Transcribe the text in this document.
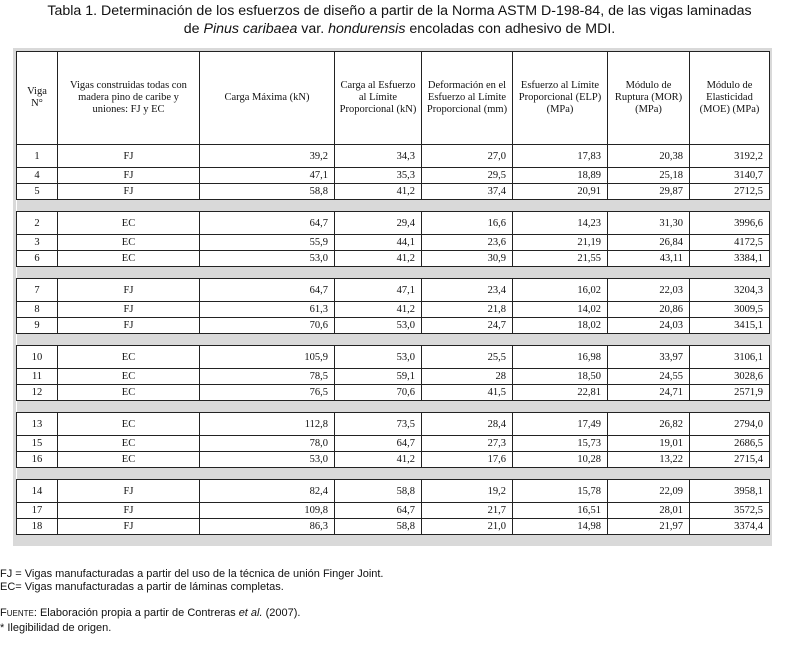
Tabla 1. Determinación de los esfuerzos de diseño a partir de la Norma ASTM D-198-84, de las vigas laminadas
de Pinus caribaea var. hondurensis encoladas con adhesivo de MDI.
Viga N°	Vigas construidas todas con madera pino de caribe y uniones: FJ y EC	Carga Máxima (kN)	Carga al Esfuerzo al Límite Proporcional (kN)	Deformación en el Esfuerzo al Límite Proporcional (mm)	Esfuerzo al Límite Proporcional (ELP) (MPa)	Módulo de Ruptura (MOR) (MPa)	Módulo de Elasticidad (MOE) (MPa)
1	FJ	39,2	34,3	27,0	17,83	20,38	3192,2
4	FJ	47,1	35,3	29,5	18,89	25,18	3140,7
5	FJ	58,8	41,2	37,4	20,91	29,87	2712,5

2	EC	64,7	29,4	16,6	14,23	31,30	3996,6
3	EC	55,9	44,1	23,6	21,19	26,84	4172,5
6	EC	53,0	41,2	30,9	21,55	43,11	3384,1

7	FJ	64,7	47,1	23,4	16,02	22,03	3204,3
8	FJ	61,3	41,2	21,8	14,02	20,86	3009,5
9	FJ	70,6	53,0	24,7	18,02	24,03	3415,1

10	EC	105,9	53,0	25,5	16,98	33,97	3106,1
11	EC	78,5	59,1	28	18,50	24,55	3028,6
12	EC	76,5	70,6	41,5	22,81	24,71	2571,9

13	EC	112,8	73,5	28,4	17,49	26,82	2794,0
15	EC	78,0	64,7	27,3	15,73	19,01	2686,5
16	EC	53,0	41,2	17,6	10,28	13,22	2715,4

14	FJ	82,4	58,8	19,2	15,78	22,09	3958,1
17	FJ	109,8	64,7	21,7	16,51	28,01	3572,5
18	FJ	86,3	58,8	21,0	14,98	21,97	3374,4
FJ = Vigas manufacturadas a partir del uso de la técnica de unión Finger Joint.
EC= Vigas manufacturadas a partir de láminas completas.
Fuente: Elaboración propia a partir de Contreras et al. (2007).
* Ilegibilidad de origen.
